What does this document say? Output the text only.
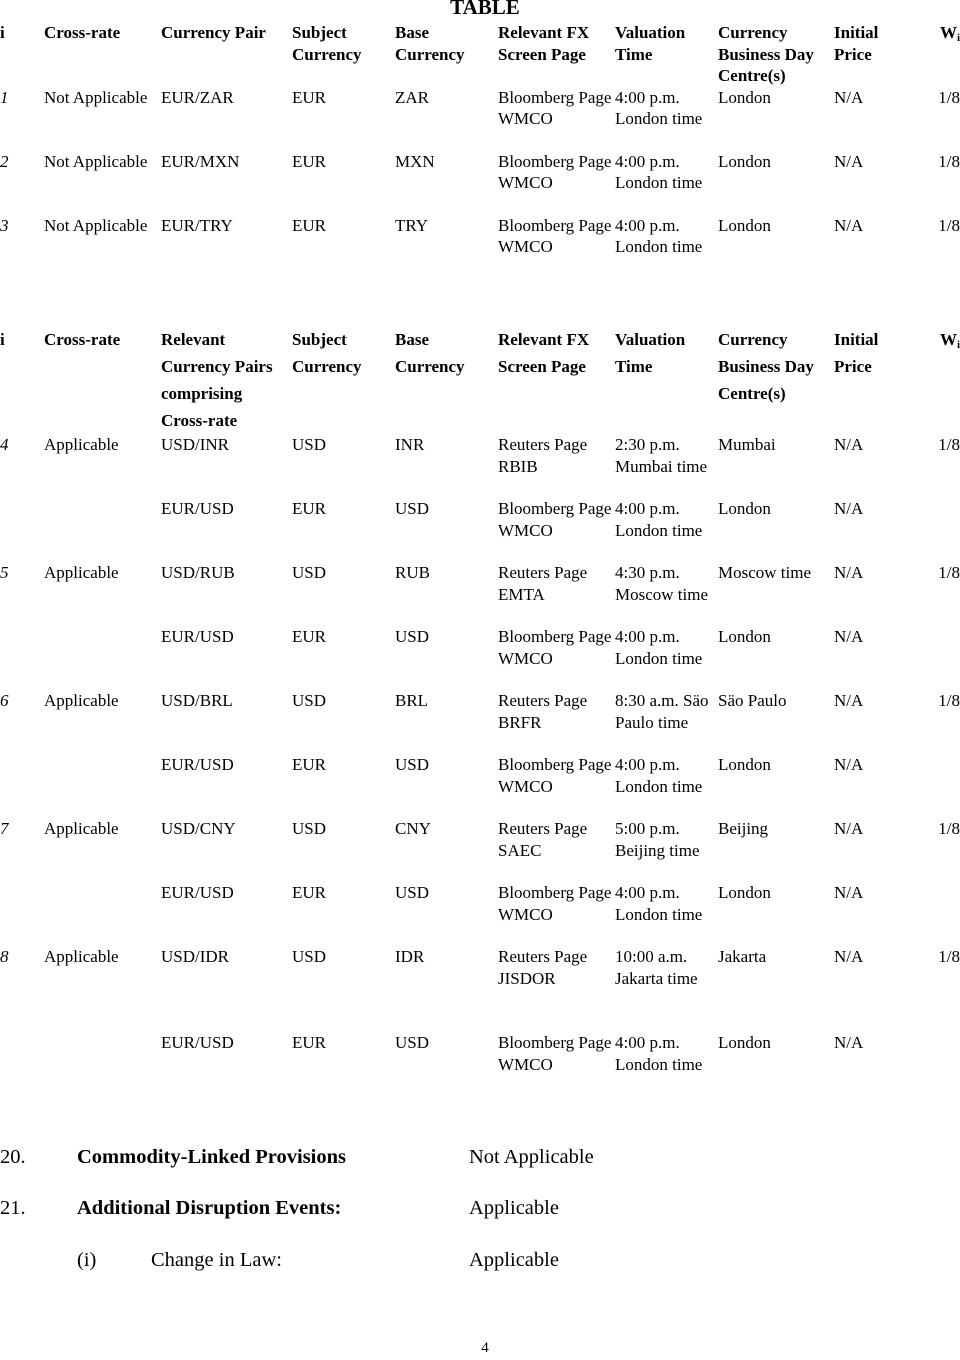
TABLE
i	Cross-rate	Currency Pair	Subject Currency	Base Currency	Relevant FX Screen Page	Valuation Time	Currency Business Day Centre(s)	Initial Price	Wi
1	Not Applicable	EUR/ZAR	EUR	ZAR	Bloomberg Page WMCO	4:00 p.m. London time	London	N/A	1/8
2	Not Applicable	EUR/MXN	EUR	MXN	Bloomberg Page WMCO	4:00 p.m. London time	London	N/A	1/8
3	Not Applicable	EUR/TRY	EUR	TRY	Bloomberg Page WMCO	4:00 p.m. London time	London	N/A	1/8
i	Cross-rate	Relevant Currency Pairs comprising Cross-rate	Subject Currency	Base Currency	Relevant FX Screen Page	Valuation Time	Currency Business Day Centre(s)	Initial Price	Wi
4	Applicable	USD/INR	USD	INR	Reuters Page RBIB	2:30 p.m. Mumbai time	Mumbai	N/A	1/8
		EUR/USD	EUR	USD	Bloomberg Page WMCO	4:00 p.m. London time	London	N/A	
5	Applicable	USD/RUB	USD	RUB	Reuters Page EMTA	4:30 p.m. Moscow time	Moscow time	N/A	1/8
		EUR/USD	EUR	USD	Bloomberg Page WMCO	4:00 p.m. London time	London	N/A	
6	Applicable	USD/BRL	USD	BRL	Reuters Page BRFR	8:30 a.m. Säo Paulo time	Säo Paulo	N/A	1/8
		EUR/USD	EUR	USD	Bloomberg Page WMCO	4:00 p.m. London time	London	N/A	
7	Applicable	USD/CNY	USD	CNY	Reuters Page SAEC	5:00 p.m. Beijing time	Beijing	N/A	1/8
		EUR/USD	EUR	USD	Bloomberg Page WMCO	4:00 p.m. London time	London	N/A	
8	Applicable	USD/IDR	USD	IDR	Reuters Page JISDOR	10:00 a.m. Jakarta time	Jakarta	N/A	1/8
		EUR/USD	EUR	USD	Bloomberg Page WMCO	4:00 p.m. London time	London	N/A	
20.	Commodity-Linked Provisions	Not Applicable
21.	Additional Disruption Events:	Applicable
(i)	Change in Law:	Applicable
4
